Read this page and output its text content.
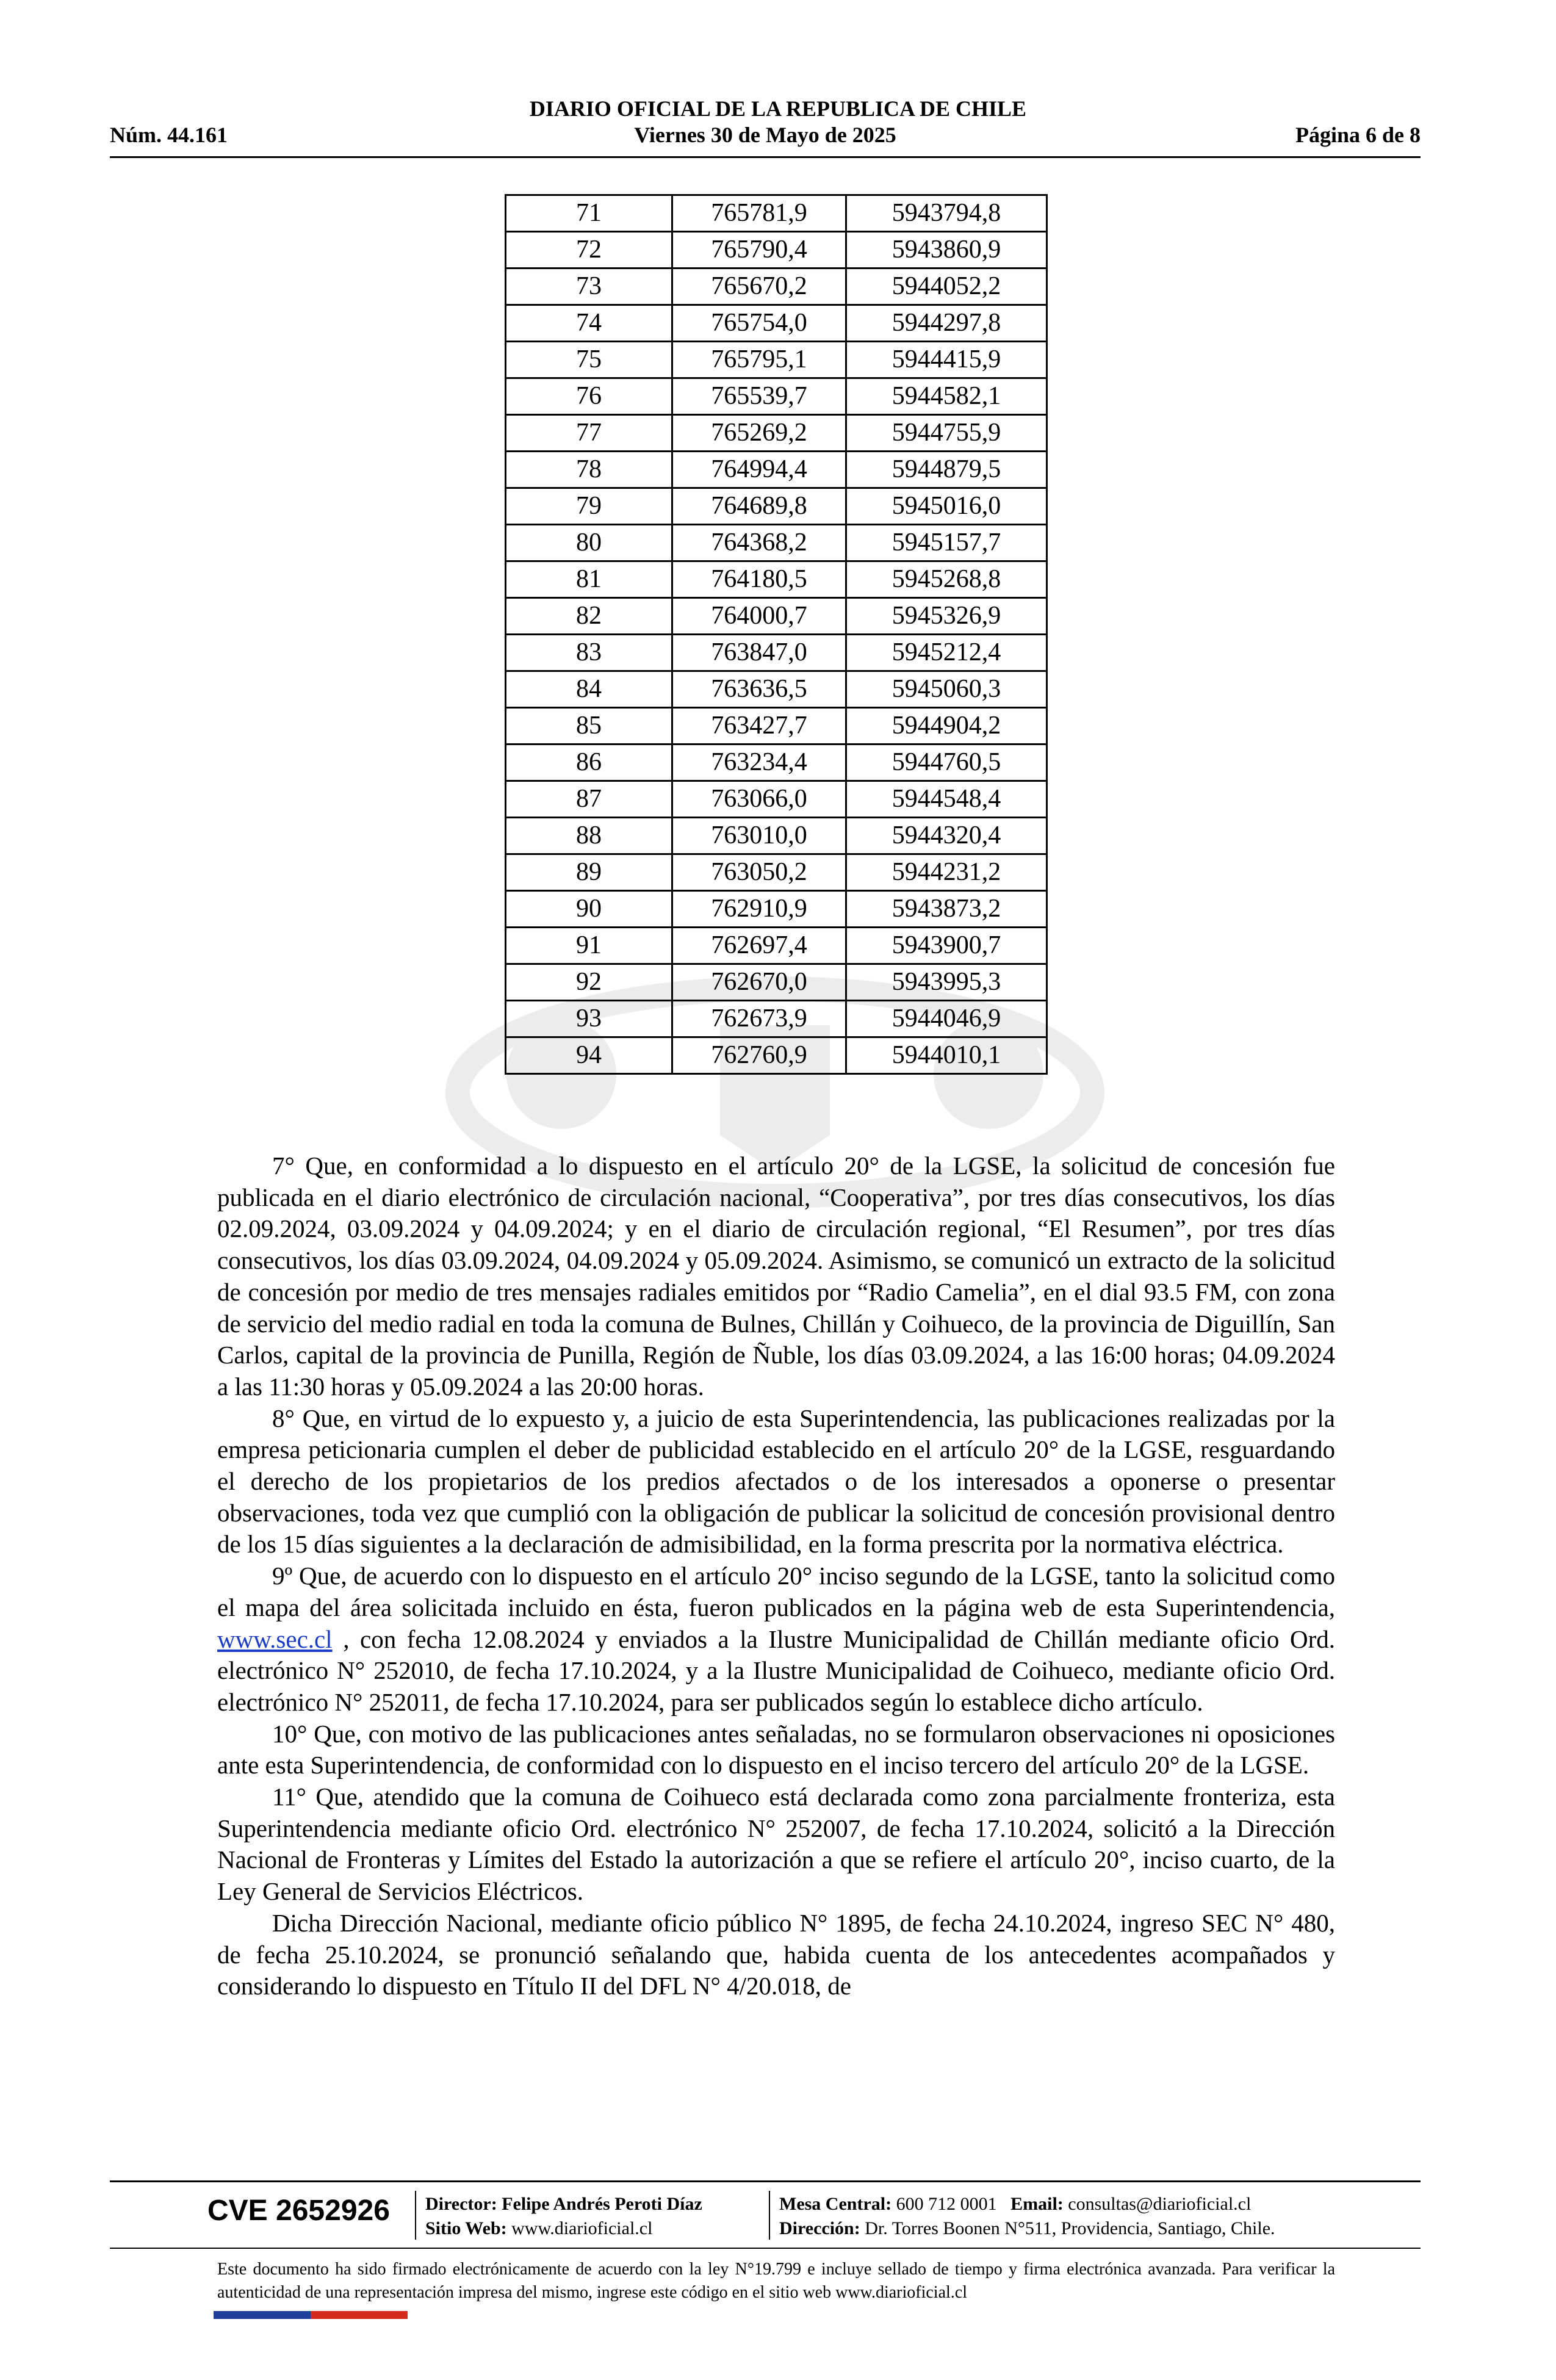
DIARIO OFICIAL DE LA REPUBLICA DE CHILE
Núm. 44.161	Viernes 30 de Mayo de 2025	Página 6 de 8
71	765781,9	5943794,8
72	765790,4	5943860,9
73	765670,2	5944052,2
74	765754,0	5944297,8
75	765795,1	5944415,9
76	765539,7	5944582,1
77	765269,2	5944755,9
78	764994,4	5944879,5
79	764689,8	5945016,0
80	764368,2	5945157,7
81	764180,5	5945268,8
82	764000,7	5945326,9
83	763847,0	5945212,4
84	763636,5	5945060,3
85	763427,7	5944904,2
86	763234,4	5944760,5
87	763066,0	5944548,4
88	763010,0	5944320,4
89	763050,2	5944231,2
90	762910,9	5943873,2
91	762697,4	5943900,7
92	762670,0	5943995,3
93	762673,9	5944046,9
94	762760,9	5944010,1

7° Que, en conformidad a lo dispuesto en el artículo 20° de la LGSE, la solicitud de concesión fue publicada en el diario electrónico de circulación nacional, “Cooperativa”, por tres días consecutivos, los días 02.09.2024, 03.09.2024 y 04.09.2024; y en el diario de circulación regional, “El Resumen”, por tres días consecutivos, los días 03.09.2024, 04.09.2024 y 05.09.2024. Asimismo, se comunicó un extracto de la solicitud de concesión por medio de tres mensajes radiales emitidos por “Radio Camelia”, en el dial 93.5 FM, con zona de servicio del medio radial en toda la comuna de Bulnes, Chillán y Coihueco, de la provincia de Diguillín, San Carlos, capital de la provincia de Punilla, Región de Ñuble, los días 03.09.2024, a las 16:00 horas; 04.09.2024 a las 11:30 horas y 05.09.2024 a las 20:00 horas.

8° Que, en virtud de lo expuesto y, a juicio de esta Superintendencia, las publicaciones realizadas por la empresa peticionaria cumplen el deber de publicidad establecido en el artículo 20° de la LGSE, resguardando el derecho de los propietarios de los predios afectados o de los interesados a oponerse o presentar observaciones, toda vez que cumplió con la obligación de publicar la solicitud de concesión provisional dentro de los 15 días siguientes a la declaración de admisibilidad, en la forma prescrita por la normativa eléctrica.

9º Que, de acuerdo con lo dispuesto en el artículo 20° inciso segundo de la LGSE, tanto la solicitud como el mapa del área solicitada incluido en ésta, fueron publicados en la página web de esta Superintendencia, www.sec.cl , con fecha 12.08.2024 y enviados a la Ilustre Municipalidad de Chillán mediante oficio Ord. electrónico N° 252010, de fecha 17.10.2024, y a la Ilustre Municipalidad de Coihueco, mediante oficio Ord. electrónico N° 252011, de fecha 17.10.2024, para ser publicados según lo establece dicho artículo.

10° Que, con motivo de las publicaciones antes señaladas, no se formularon observaciones ni oposiciones ante esta Superintendencia, de conformidad con lo dispuesto en el inciso tercero del artículo 20° de la LGSE.

11° Que, atendido que la comuna de Coihueco está declarada como zona parcialmente fronteriza, esta Superintendencia mediante oficio Ord. electrónico N° 252007, de fecha 17.10.2024, solicitó a la Dirección Nacional de Fronteras y Límites del Estado la autorización a que se refiere el artículo 20°, inciso cuarto, de la Ley General de Servicios Eléctricos.

Dicha Dirección Nacional, mediante oficio público N° 1895, de fecha 24.10.2024, ingreso SEC N° 480, de fecha 25.10.2024, se pronunció señalando que, habida cuenta de los antecedentes acompañados y considerando lo dispuesto en Título II del DFL N° 4/20.018, de

CVE 2652926 Director: Felipe Andrés Peroti Díaz
Sitio Web: www.diarioficial.cl
Mesa Central: 600 712 0001 Email: consultas@diarioficial.cl
Dirección: Dr. Torres Boonen N°511, Providencia, Santiago, Chile.
Este documento ha sido firmado electrónicamente de acuerdo con la ley N°19.799 e incluye sellado de tiempo y firma electrónica avanzada. Para verificar la autenticidad de una representación impresa del mismo, ingrese este código en el sitio web www.diarioficial.cl
